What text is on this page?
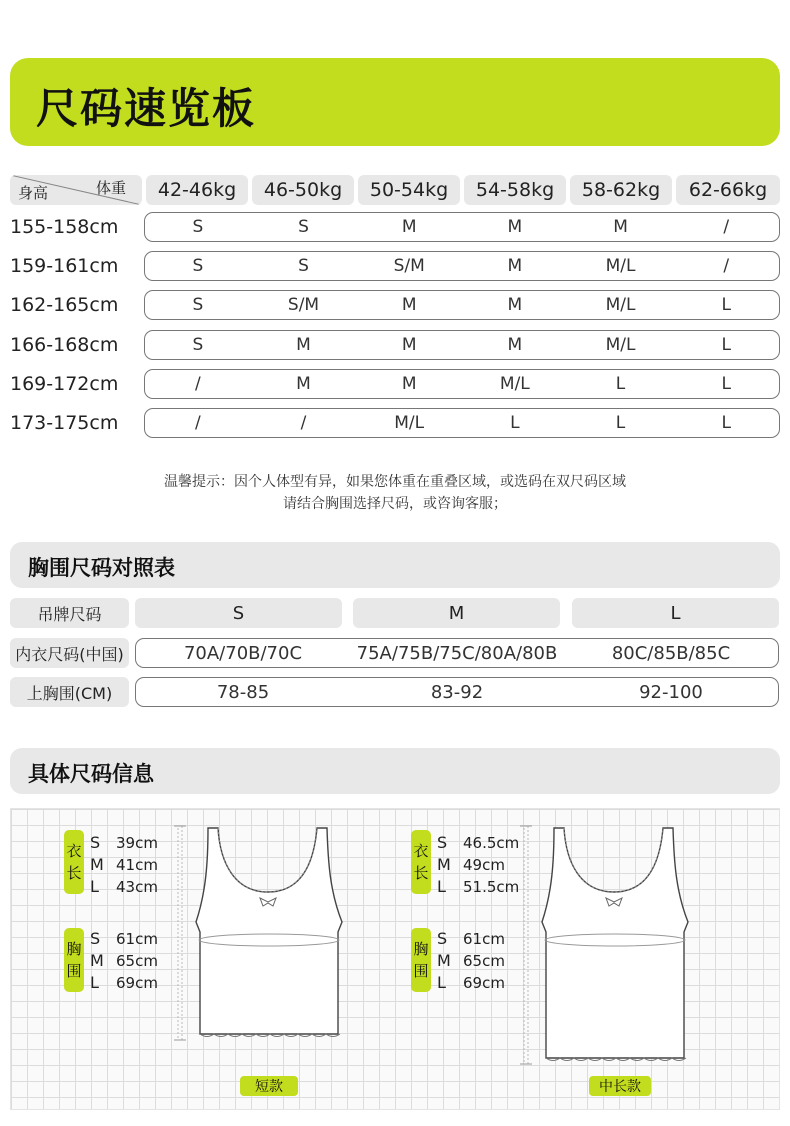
尺码速览板
身高	体重	42-46kg	46-50kg	50-54kg	54-58kg	58-62kg	62-66kg
155-158cm	S	S	M	M	M	/
159-161cm	S	S	S/M	M	M/L	/
162-165cm	S	S/M	M	M	M/L	L
166-168cm	S	M	M	M	M/L	L
169-172cm	/	M	M	M/L	L	L
173-175cm	/	/	M/L	L	L	L
温馨提示：因个人体型有异，如果您体重在重叠区域，或选码在双尺码区域
请结合胸围选择尺码，或咨询客服；
胸围尺码对照表
吊牌尺码	S	M	L
内衣尺码(中国)	70A/70B/70C	75A/75B/75C/80A/80B	80C/85B/85C
上胸围(CM)	78-85	83-92	92-100
具体尺码信息
衣
长
S 39cm
M 41cm
L 43cm
胸
围
S 61cm
M 65cm
L 69cm
短款
衣
长
S 46.5cm
M 49cm
L 51.5cm
胸
围
S 61cm
M 65cm
L 69cm
中长款
